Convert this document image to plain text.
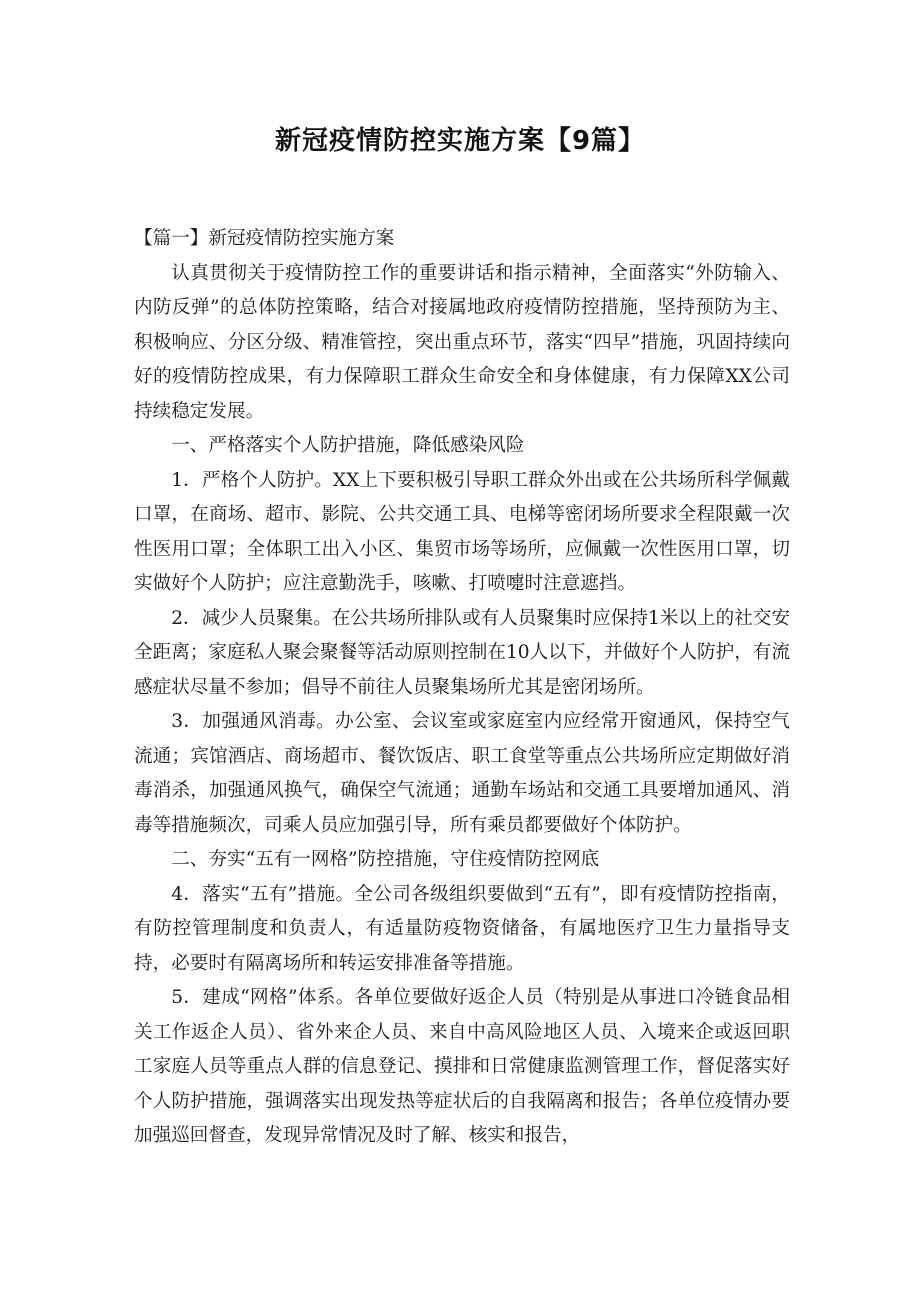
新冠疫情防控实施方案【9篇】

【篇一】新冠疫情防控实施方案

认真贯彻关于疫情防控工作的重要讲话和指示精神，全面落实“外防输入、内防反弹”的总体防控策略，结合对接属地政府疫情防控措施，坚持预防为主、积极响应、分区分级、精准管控，突出重点环节，落实“四早”措施，巩固持续向好的疫情防控成果，有力保障职工群众生命安全和身体健康，有力保障XX公司持续稳定发展。

一、严格落实个人防护措施，降低感染风险

1．严格个人防护。XX上下要积极引导职工群众外出或在公共场所科学佩戴口罩，在商场、超市、影院、公共交通工具、电梯等密闭场所要求全程限戴一次性医用口罩；全体职工出入小区、集贸市场等场所，应佩戴一次性医用口罩，切实做好个人防护；应注意勤洗手，咳嗽、打喷嚏时注意遮挡。

2．减少人员聚集。在公共场所排队或有人员聚集时应保持1米以上的社交安全距离；家庭私人聚会聚餐等活动原则控制在10人以下，并做好个人防护，有流感症状尽量不参加；倡导不前往人员聚集场所尤其是密闭场所。

3．加强通风消毒。办公室、会议室或家庭室内应经常开窗通风，保持空气流通；宾馆酒店、商场超市、餐饮饭店、职工食堂等重点公共场所应定期做好消毒消杀，加强通风换气，确保空气流通；通勤车场站和交通工具要增加通风、消毒等措施频次，司乘人员应加强引导，所有乘员都要做好个体防护。

二、夯实“五有一网格”防控措施，守住疫情防控网底

4．落实“五有”措施。全公司各级组织要做到“五有”，即有疫情防控指南，有防控管理制度和负责人，有适量防疫物资储备，有属地医疗卫生力量指导支持，必要时有隔离场所和转运安排准备等措施。

5．建成“网格”体系。各单位要做好返企人员（特别是从事进口冷链食品相关工作返企人员）、省外来企人员、来自中高风险地区人员、入境来企或返回职工家庭人员等重点人群的信息登记、摸排和日常健康监测管理工作，督促落实好个人防护措施，强调落实出现发热等症状后的自我隔离和报告；各单位疫情办要加强巡回督查，发现异常情况及时了解、核实和报告，
